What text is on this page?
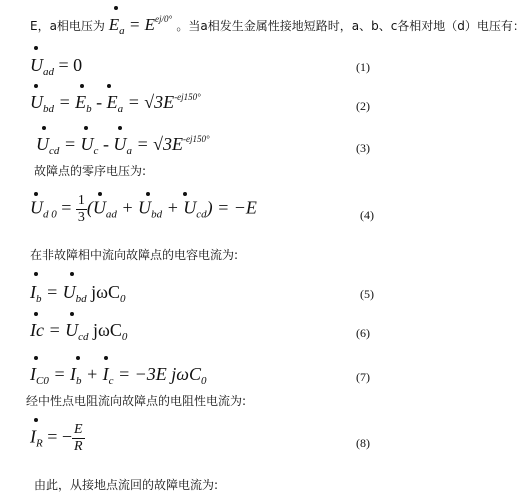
E，a相电压为 $E_a = E^{ej/0^\circ}$ 。当a相发生金属性接地短路时，a、b、c各相对地（d）电压有：
$U_{ad} = 0$	(1)
$U_{bd} = E_b - E_a = √3E^{-ej150^\circ}$
(2)
$U_{cd} = U_c - U_a = √3E^{-ej150^\circ}$
(3)
故障点的零序电压为:
$U_{d 0} = \frac{1}{3} (U_{ad} + U_{bd} + U_{cd}) = -E$	(4)
在非故障相中流向故障点的电容电流为:
$I_b = U_{bd}$ jωC$_0$	(5)
$Ic = U_{cd}$ jωC$_0$	(6)
$I_{C0} = I_b + I_c = -3E$ jωC$_0$	(7)
经中性点电阻流向故障点的电阻性电流为:
$I_R$ = − $\frac{E}{R}$	(8)
由此，从接地点流回的故障电流为:
